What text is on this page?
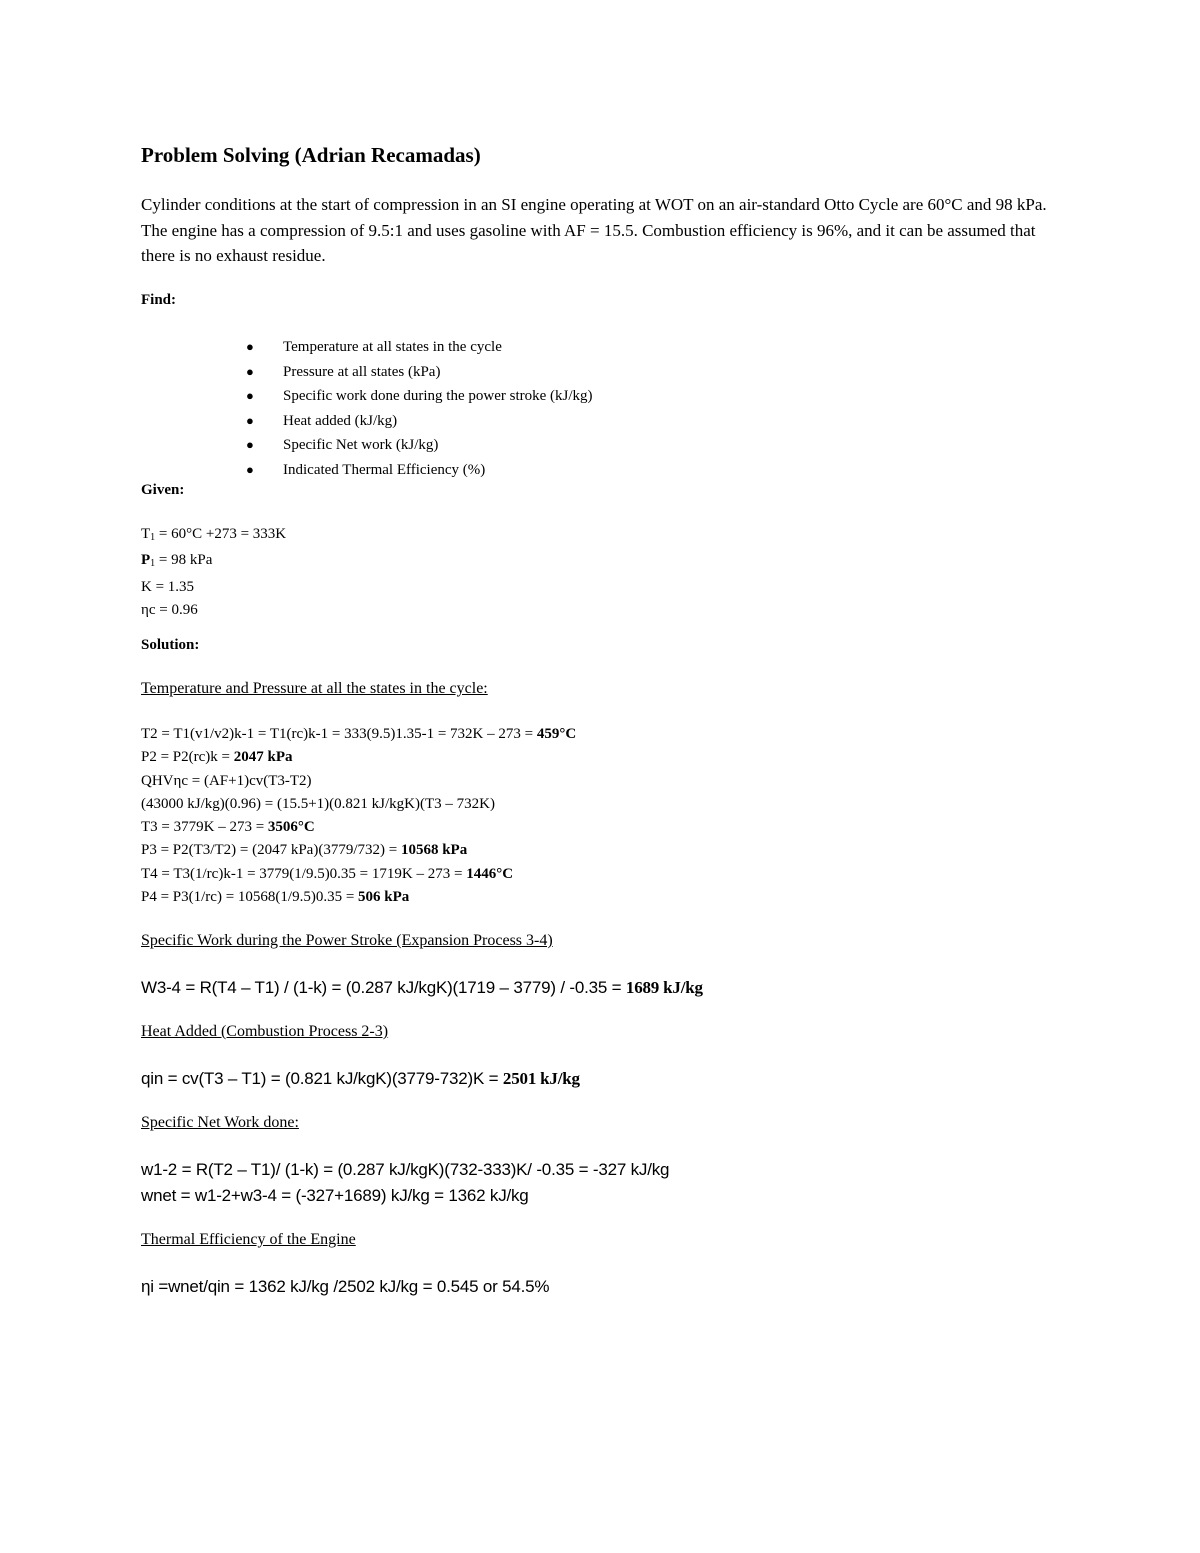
Problem Solving (Adrian Recamadas)

Cylinder conditions at the start of compression in an SI engine operating at WOT on an air-standard Otto Cycle are 60°C and 98 kPa. The engine has a compression of 9.5:1 and uses gasoline with AF = 15.5. Combustion efficiency is 96%, and it can be assumed that there is no exhaust residue.

Find:

● Temperature at all states in the cycle
● Pressure at all states (kPa)
● Specific work done during the power stroke (kJ/kg)
● Heat added (kJ/kg)
● Specific Net work (kJ/kg)
● Indicated Thermal Efficiency (%)

Given:

$T_1 = 60^\circ C +273 = 333K$
$P_1 = 98$ kPa
K = 1.35
ηc = 0.96

Solution:

Temperature and Pressure at all the states in the cycle:

T2 = T1(v1/v2)k-1 = T1(rc)k-1 = 333(9.5)1.35-1 = 732K – 273 = 459°C
P2 = P2(rc)k = 2047 kPa
QHVηc = (AF+1)cv(T3-T2)
(43000 kJ/kg)(0.96) = (15.5+1)(0.821 kJ/kgK)(T3 – 732K)
T3 = 3779K – 273 = 3506°C
P3 = P2(T3/T2) = (2047 kPa)(3779/732) = 10568 kPa
T4 = T3(1/rc)k-1 = 3779(1/9.5)0.35 = 1719K – 273 = 1446°C
P4 = P3(1/rc) = 10568(1/9.5)0.35 = 506 kPa

Specific Work during the Power Stroke (Expansion Process 3-4)

W3-4 = R(T4 – T1) / (1-k) = (0.287 kJ/kgK)(1719 – 3779) / -0.35 = 1689 kJ/kg

Heat Added (Combustion Process 2-3)

qin = cv(T3 – T1) = (0.821 kJ/kgK)(3779-732)K = 2501 kJ/kg

Specific Net Work done:

w1-2 = R(T2 – T1)/ (1-k) = (0.287 kJ/kgK)(732-333)K/ -0.35 = -327 kJ/kg
wnet = w1-2+w3-4 = (-327+1689) kJ/kg = 1362 kJ/kg

Thermal Efficiency of the Engine

ηi =wnet/qin = 1362 kJ/kg /2502 kJ/kg = 0.545 or 54.5%
